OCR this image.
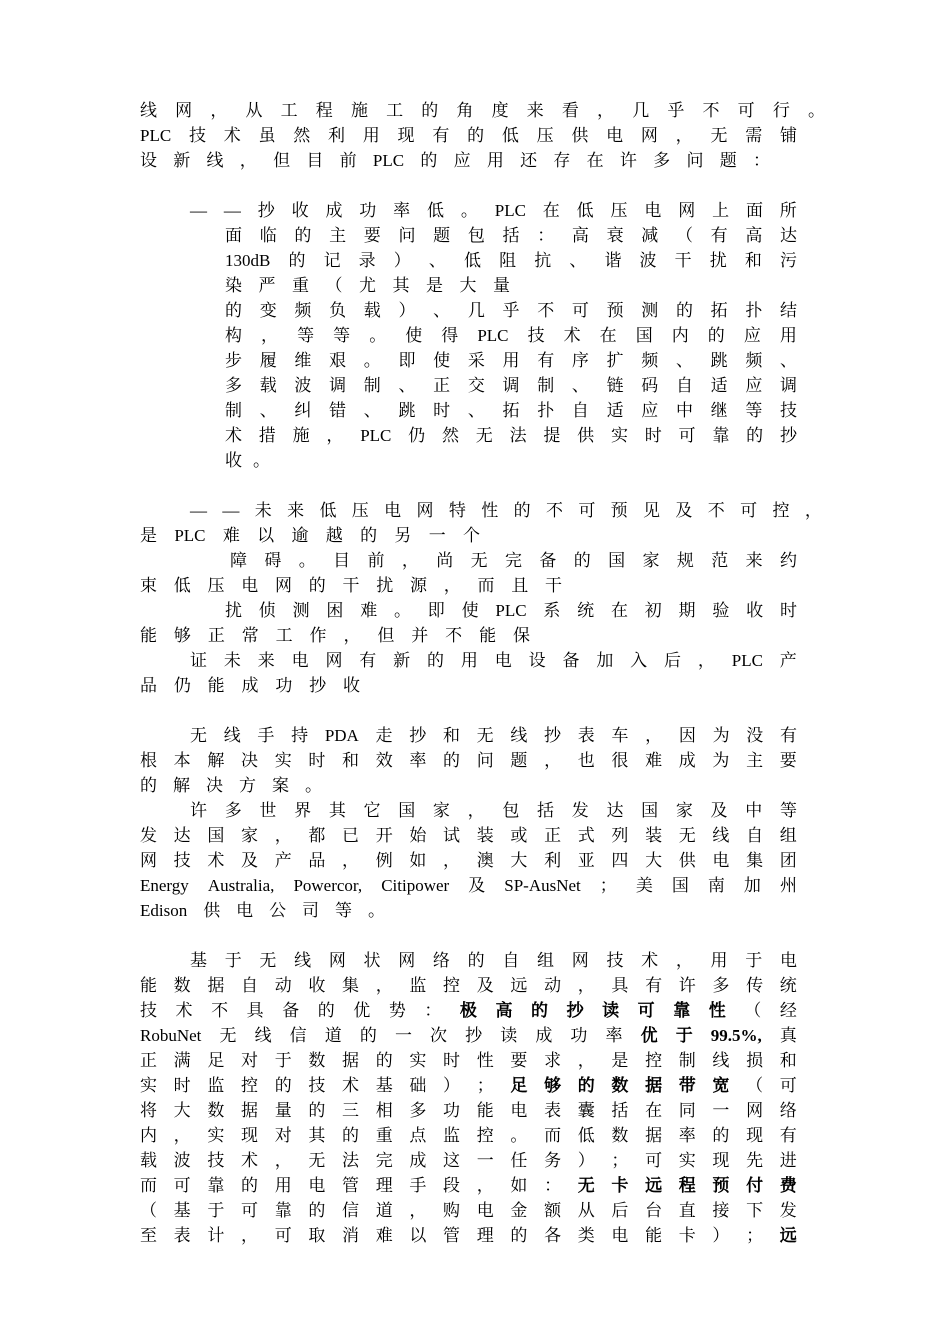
线 网 ， 从 工 程 施 工 的 角 度 来 看 ， 几 乎 不 可 行 。
PLC 技 术 虽 然 利 用 现 有 的 低 压 供 电 网 ， 无 需 铺
设 新 线 ， 但 目 前 PLC 的 应 用 还 存 在 许 多 问 题 ：
— — 抄 收 成 功 率 低 。 PLC 在 低 压 电 网 上 面 所
面 临 的 主 要 问 题 包 括 ： 高 衰 减 （ 有 高 达
130dB 的 记 录 ） 、 低 阻 抗 、 谐 波 干 扰 和 污
染 严 重 （ 尤 其 是 大 量
的 变 频 负 载 ） 、 几 乎 不 可 预 测 的 拓 扑 结
构 ， 等 等 。 使 得 PLC 技 术 在 国 内 的 应 用
步 履 维 艰 。 即 使 采 用 有 序 扩 频 、 跳 频 、
多 载 波 调 制 、 正 交 调 制 、 链 码 自 适 应 调
制 、 纠 错 、 跳 时 、 拓 扑 自 适 应 中 继 等 技
术 措 施 ， PLC 仍 然 无 法 提 供 实 时 可 靠 的 抄
收 。
— — 未 来 低 压 电 网 特 性 的 不 可 预 见 及 不 可 控 ，
是 PLC 难 以 逾 越 的 另 一 个
障 碍 。 目 前 ， 尚 无 完 备 的 国 家 规 范 来 约
束 低 压 电 网 的 干 扰 源 ， 而 且 干
扰 侦 测 困 难 。 即 使 PLC 系 统 在 初 期 验 收 时
能 够 正 常 工 作 ， 但 并 不 能 保
证 未 来 电 网 有 新 的 用 电 设 备 加 入 后 ， PLC 产
品 仍 能 成 功 抄 收
无 线 手 持 PDA 走 抄 和 无 线 抄 表 车 ， 因 为 没 有
根 本 解 决 实 时 和 效 率 的 问 题 ， 也 很 难 成 为 主 要
的 解 决 方 案 。
许 多 世 界 其 它 国 家 ， 包 括 发 达 国 家 及 中 等
发 达 国 家 ， 都 已 开 始 试 装 或 正 式 列 装 无 线 自 组
网 技 术 及 产 品 ， 例 如 ， 澳 大 利 亚 四 大 供 电 集 团
Energy Australia, Powercor, Citipower 及 SP-AusNet ； 美 国 南 加 州
Edison 供 电 公 司 等 。
基 于 无 线 网 状 网 络 的 自 组 网 技 术 ， 用 于 电
能 数 据 自 动 收 集 ， 监 控 及 远 动 ， 具 有 许 多 传 统
技 术 不 具 备 的 优 势 ： 极 高 的 抄 读 可 靠 性 （ 经
RobuNet 无 线 信 道 的 一 次 抄 读 成 功 率 优 于 99.5%, 真
正 满 足 对 于 数 据 的 实 时 性 要 求 ， 是 控 制 线 损 和
实 时 监 控 的 技 术 基 础 ） ； 足 够 的 数 据 带 宽 （ 可
将 大 数 据 量 的 三 相 多 功 能 电 表 囊 括 在 同 一 网 络
内 ， 实 现 对 其 的 重 点 监 控 。 而 低 数 据 率 的 现 有
载 波 技 术 ， 无 法 完 成 这 一 任 务 ） ； 可 实 现 先 进
而 可 靠 的 用 电 管 理 手 段 ， 如 ： 无 卡 远 程 预 付 费
（ 基 于 可 靠 的 信 道 ， 购 电 金 额 从 后 台 直 接 下 发
至 表 计 ， 可 取 消 难 以 管 理 的 各 类 电 能 卡 ） ； 远
